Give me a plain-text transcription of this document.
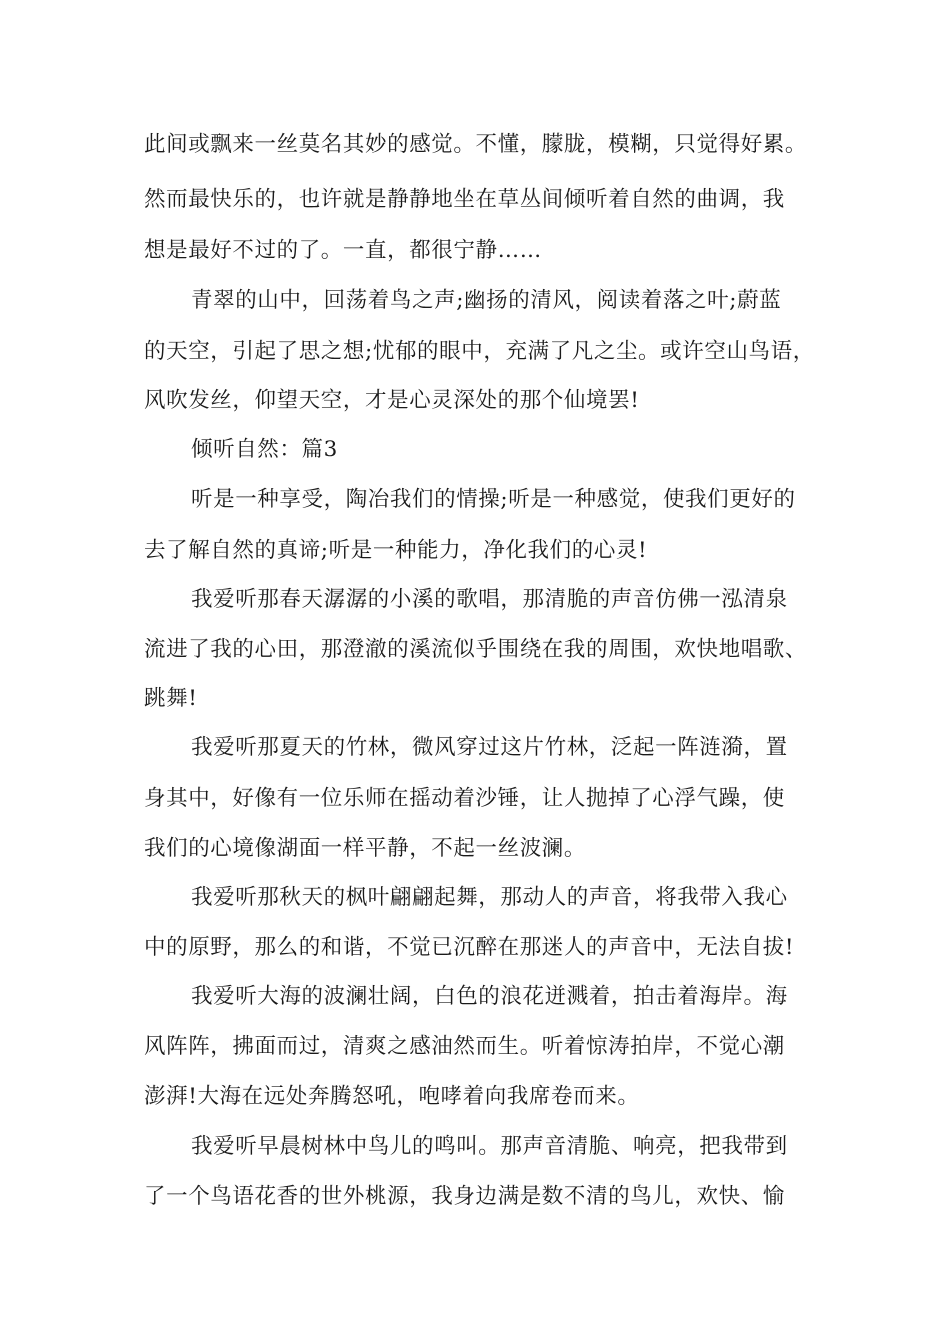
此间或飘来一丝莫名其妙的感觉。不懂，朦胧，模糊，只觉得好累。
然而最快乐的，也许就是静静地坐在草丛间倾听着自然的曲调，我
想是最好不过的了。一直，都很宁静……
青翠的山中，回荡着鸟之声;幽扬的清风，阅读着落之叶;蔚蓝
的天空，引起了思之想;忧郁的眼中，充满了凡之尘。或许空山鸟语，
风吹发丝，仰望天空，才是心灵深处的那个仙境罢!
倾听自然：篇3
听是一种享受，陶冶我们的情操;听是一种感觉，使我们更好的
去了解自然的真谛;听是一种能力，净化我们的心灵!
我爱听那春天潺潺的小溪的歌唱，那清脆的声音仿佛一泓清泉
流进了我的心田，那澄澈的溪流似乎围绕在我的周围，欢快地唱歌、
跳舞!
我爱听那夏天的竹林，微风穿过这片竹林，泛起一阵涟漪，置
身其中，好像有一位乐师在摇动着沙锤，让人抛掉了心浮气躁，使
我们的心境像湖面一样平静，不起一丝波澜。
我爱听那秋天的枫叶翩翩起舞，那动人的声音，将我带入我心
中的原野，那么的和谐，不觉已沉醉在那迷人的声音中，无法自拔!
我爱听大海的波澜壮阔，白色的浪花迸溅着，拍击着海岸。海
风阵阵，拂面而过，清爽之感油然而生。听着惊涛拍岸，不觉心潮
澎湃!大海在远处奔腾怒吼，咆哮着向我席卷而来。
我爱听早晨树林中鸟儿的鸣叫。那声音清脆、响亮，把我带到
了一个鸟语花香的世外桃源，我身边满是数不清的鸟儿，欢快、愉
